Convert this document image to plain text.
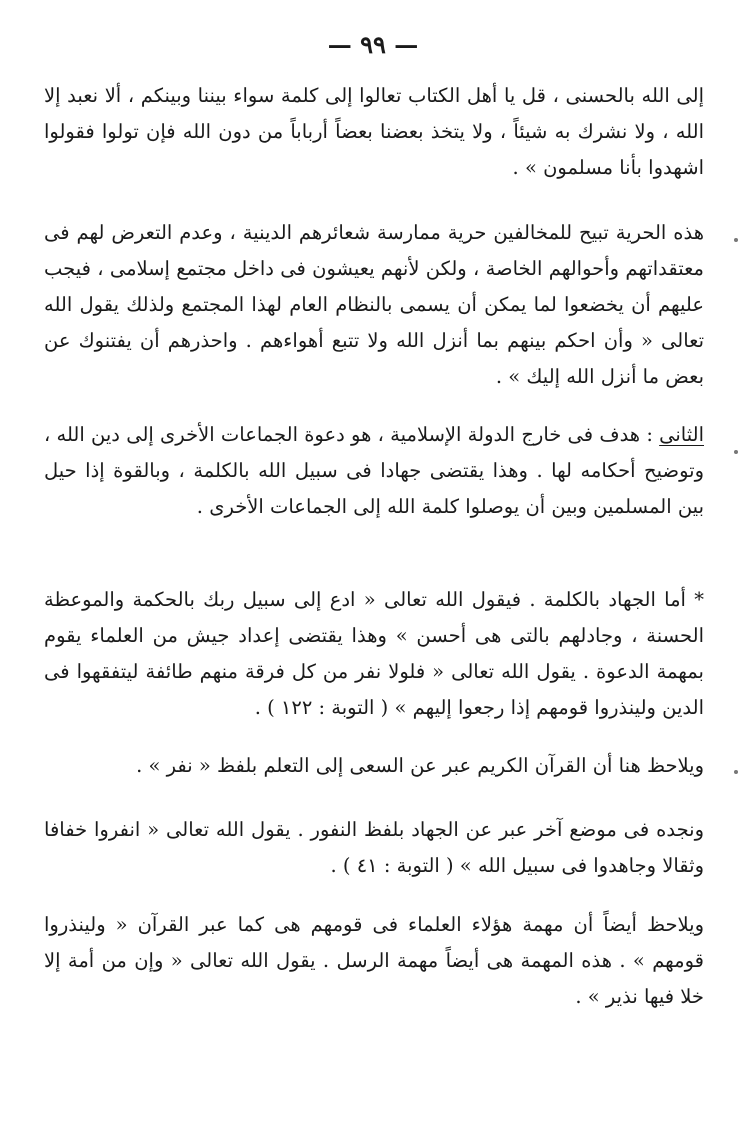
— ٩٩ —

إلى الله بالحسنى ، قل يا أهل الكتاب تعالوا إلى كلمة سواء بيننا وبينكم ، ألا نعبد إلا الله ، ولا نشرك به شيئاً ، ولا يتخذ بعضنا بعضاً أرباباً من دون الله فإن تولوا فقولوا اشهدوا بأنا مسلمون » .

هذه الحرية تبيح للمخالفين حرية ممارسة شعائرهم الدينية ، وعدم التعرض لهم فى معتقداتهم وأحوالهم الخاصة ، ولكن لأنهم يعيشون فى داخل مجتمع إسلامى ، فيجب عليهم أن يخضعوا لما يمكن أن يسمى بالنظام العام لهذا المجتمع ولذلك يقول الله تعالى « وأن احكم بينهم بما أنزل الله ولا تتبع أهواءهم . واحذرهم أن يفتنوك عن بعض ما أنزل الله إليك » .

الثانى : هدف فى خارج الدولة الإسلامية ، هو دعوة الجماعات الأخرى إلى دين الله ، وتوضيح أحكامه لها . وهذا يقتضى جهادا فى سبيل الله بالكلمة ، وبالقوة إذا حيل بين المسلمين وبين أن يوصلوا كلمة الله إلى الجماعات الأخرى .

* أما الجهاد بالكلمة . فيقول الله تعالى « ادع إلى سبيل ربك بالحكمة والموعظة الحسنة ، وجادلهم بالتى هى أحسن » وهذا يقتضى إعداد جيش من العلماء يقوم بمهمة الدعوة . يقول الله تعالى « فلولا نفر من كل فرقة منهم طائفة ليتفقهوا فى الدين ولينذروا قومهم إذا رجعوا إليهم » ( التوبة : ١٢٢ ) .

ويلاحظ هنا أن القرآن الكريم عبر عن السعى إلى التعلم بلفظ « نفر » .

ونجده فى موضع آخر عبر عن الجهاد بلفظ النفور . يقول الله تعالى « انفروا خفافا وثقالا وجاهدوا فى سبيل الله » ( التوبة : ٤١ ) .

ويلاحظ أيضاً أن مهمة هؤلاء العلماء فى قومهم هى كما عبر القرآن « ولينذروا قومهم » . هذه المهمة هى أيضاً مهمة الرسل . يقول الله تعالى « وإن من أمة إلا خلا فيها نذير » .
